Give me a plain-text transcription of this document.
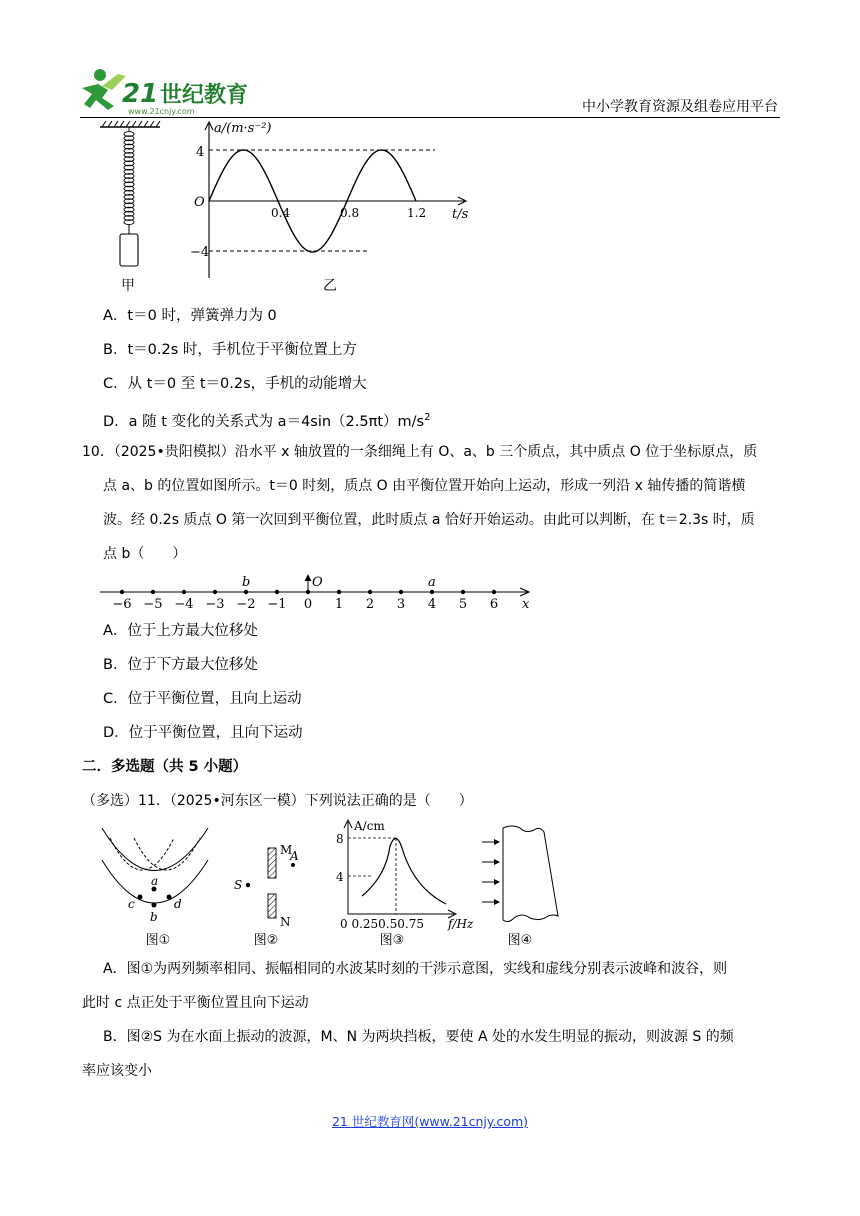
21 世纪教育
www.21cnjy.com	中小学教育资源及组卷应用平台
甲
a/(m·s⁻²)
4
−4
O
0.4	0.8	1.2 t/s
乙
A．t＝0 时，弹簧弹力为 0
B．t＝0.2s 时，手机位于平衡位置上方
C．从 t＝0 至 t＝0.2s，手机的动能增大
D．a 随 t 变化的关系式为 $a=4\sin(2.5\pi t)m/s^2$
10．（2025•贵阳模拟）沿水平 x 轴放置的一条细绳上有 O、a、b 三个质点，其中质点 O 位于坐标原点，质
点 a、b 的位置如图所示。t＝0 时刻，质点 O 由平衡位置开始向上运动，形成一列沿 x 轴传播的简谐横
波。经 0.2s 质点 O 第一次回到平衡位置，此时质点 a 恰好开始运动。由此可以判断，在 t＝2.3s 时，质
点 b（　　）
−6 −5 −4 −3 −2 −1 0 1 2 3 4 5 6
b	a
O
x
A．位于上方最大位移处
B．位于下方最大位移处
C．位于平衡位置，且向上运动
D．位于平衡位置，且向下运动
二．多选题（共 5 小题）
（多选）11．（2025•河东区一模）下列说法正确的是（　　）
a
c	d
b
图①
S
M
A
N
图②
A/cm
8
4
0 0.250.50.75 f/Hz
图③	图④
A．图①为两列频率相同、振幅相同的水波某时刻的干涉示意图，实线和虚线分别表示波峰和波谷，则
此时 c 点正处于平衡位置且向下运动
B．图②S 为在水面上振动的波源，M、N 为两块挡板，要使 A 处的水发生明显的振动，则波源 S 的频
率应该变小
21 世纪教育网(www.21cnjy.com)
